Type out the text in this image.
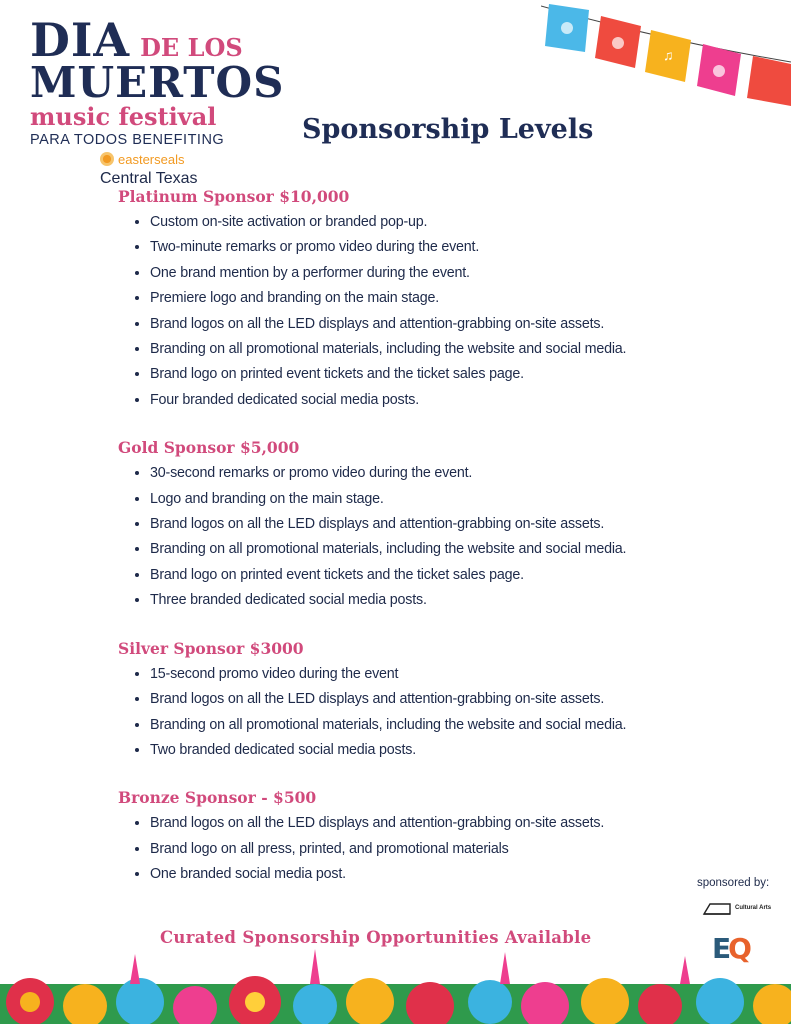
DIA DE LOS
MUERTOS
music festival
PARA TODOS BENEFITING
easterseals
Central Texas
♫
Sponsorship Levels
Platinum Sponsor $10,000
• Custom on-site activation or branded pop-up.
• Two-minute remarks or promo video during the event.
• One brand mention by a performer during the event.
• Premiere logo and branding on the main stage.
• Brand logos on all the LED displays and attention-grabbing on-site assets.
• Branding on all promotional materials, including the website and social media.
• Brand logo on printed event tickets and the ticket sales page.
• Four branded dedicated social media posts.
Gold Sponsor $5,000
• 30-second remarks or promo video during the event.
• Logo and branding on the main stage.
• Brand logos on all the LED displays and attention-grabbing on-site assets.
• Branding on all promotional materials, including the website and social media.
• Brand logo on printed event tickets and the ticket sales page.
• Three branded dedicated social media posts.
Silver Sponsor $3000
• 15-second promo video during the event
• Brand logos on all the LED displays and attention-grabbing on-site assets.
• Branding on all promotional materials, including the website and social media.
• Two branded dedicated social media posts.
Bronze Sponsor - $500
• Brand logos on all the LED displays and attention-grabbing on-site assets.
• Brand logo on all press, printed, and promotional materials
• One branded social media post.
sponsored by:
Cultural Arts
EQ
Curated Sponsorship Opportunities Available
